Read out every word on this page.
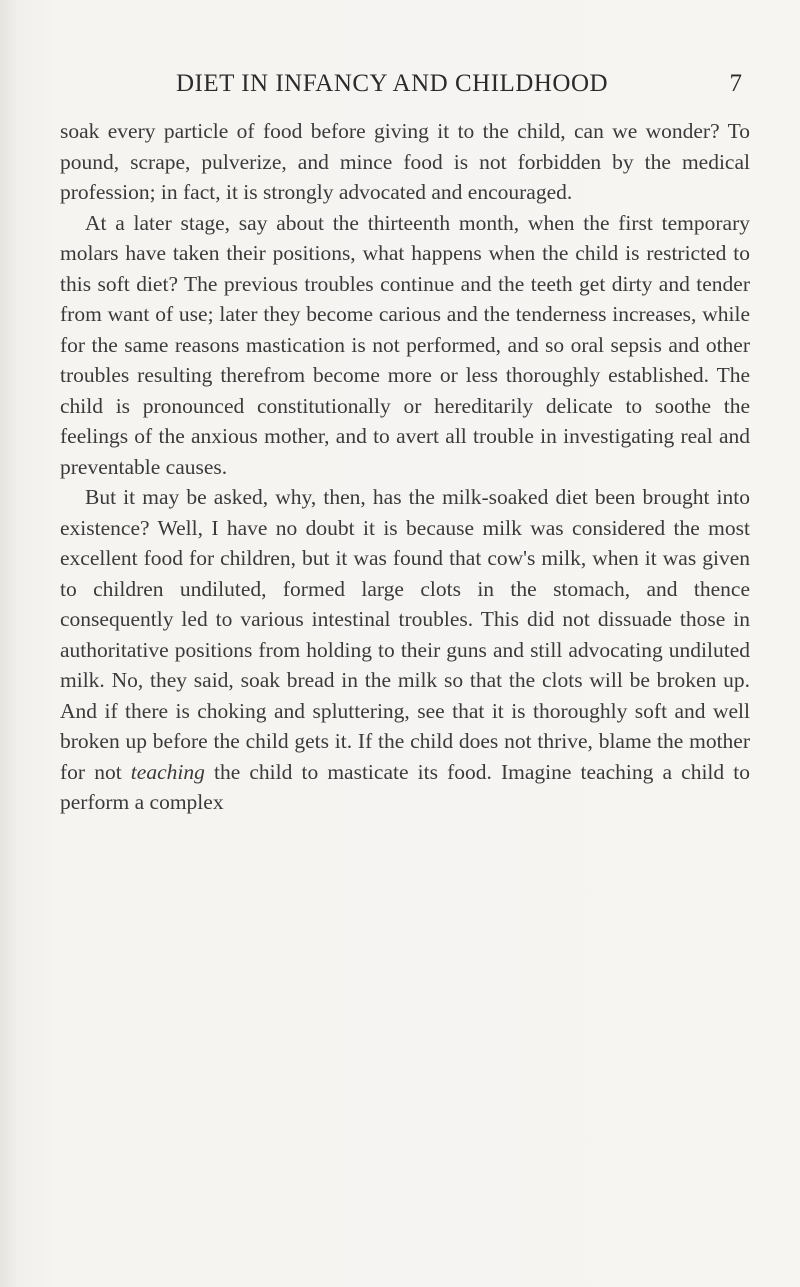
DIET IN INFANCY AND CHILDHOOD	7

soak every particle of food before giving it to the child, can we wonder? To pound, scrape, pulverize, and mince food is not forbidden by the medical profession; in fact, it is strongly advocated and encouraged.

At a later stage, say about the thirteenth month, when the first temporary molars have taken their positions, what happens when the child is restricted to this soft diet? The previous troubles continue and the teeth get dirty and tender from want of use; later they become carious and the tenderness increases, while for the same reasons mastication is not performed, and so oral sepsis and other troubles resulting therefrom become more or less thoroughly established. The child is pronounced constitutionally or hereditarily delicate to soothe the feelings of the anxious mother, and to avert all trouble in investigating real and preventable causes.

But it may be asked, why, then, has the milk-soaked diet been brought into existence? Well, I have no doubt it is because milk was considered the most excellent food for children, but it was found that cow's milk, when it was given to children undiluted, formed large clots in the stomach, and thence consequently led to various intestinal troubles. This did not dissuade those in authoritative positions from holding to their guns and still advocating undiluted milk. No, they said, soak bread in the milk so that the clots will be broken up. And if there is choking and spluttering, see that it is thoroughly soft and well broken up before the child gets it. If the child does not thrive, blame the mother for not teaching the child to masticate its food. Imagine teaching a child to perform a complex
